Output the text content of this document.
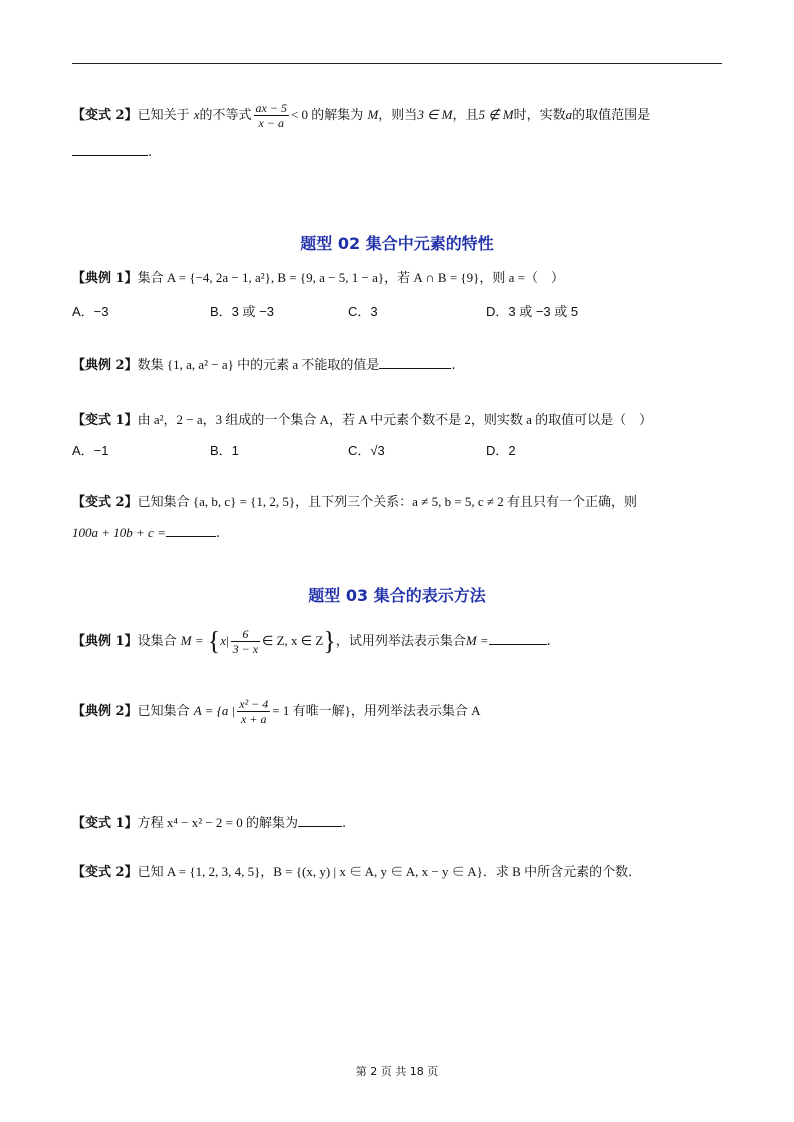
【变式 2】已知关于 x的不等式 $\frac{ax - 5}{x - a} < 0$ 的解集为 M，则当3 ∈ M，且5 ∉ M时，实数a的取值范围是
.
题型 02 集合中元素的特性
【典例 1】集合 A = {−4, 2a − 1, a²}, B = {9, a − 5, 1 − a}，若 A ∩ B = {9}，则 a =（　）
A．−3	B．3 或 −3	C．3	D．3 或 −3 或 5
【典例 2】数集 {1, a, a² − a} 中的元素 a 不能取的值是	.
【变式 1】由 a²，2 − a，3 组成的一个集合 A，若 A 中元素个数不是 2，则实数 a 的取值可以是（　）
A．−1	B．1	C．√3	D．2
【变式 2】已知集合 {a, b, c} = {1, 2, 5}，且下列三个关系：a ≠ 5, b = 5, c ≠ 2 有且只有一个正确，则
100a + 10b + c =	.
题型 03 集合的表示方法
【典例 1】设集合 $M = \{x| \frac{6}{3 - x}$ ∈ Z, x ∈ Z}，试用列举法表示集合M =	.
【典例 2】已知集合 A = {a | $\frac{\text{x² − 4}}{x + a} = 1$ 有唯一解}，用列举法表示集合 A
【变式 1】方程 x⁴ − x² − 2 = 0 的解集为	.
【变式 2】已知 A = {1, 2, 3, 4, 5}，B = {(x, y) | x ∈ A, y ∈ A, x − y ∈ A}．求 B 中所含元素的个数．
第 2 页 共 18 页
